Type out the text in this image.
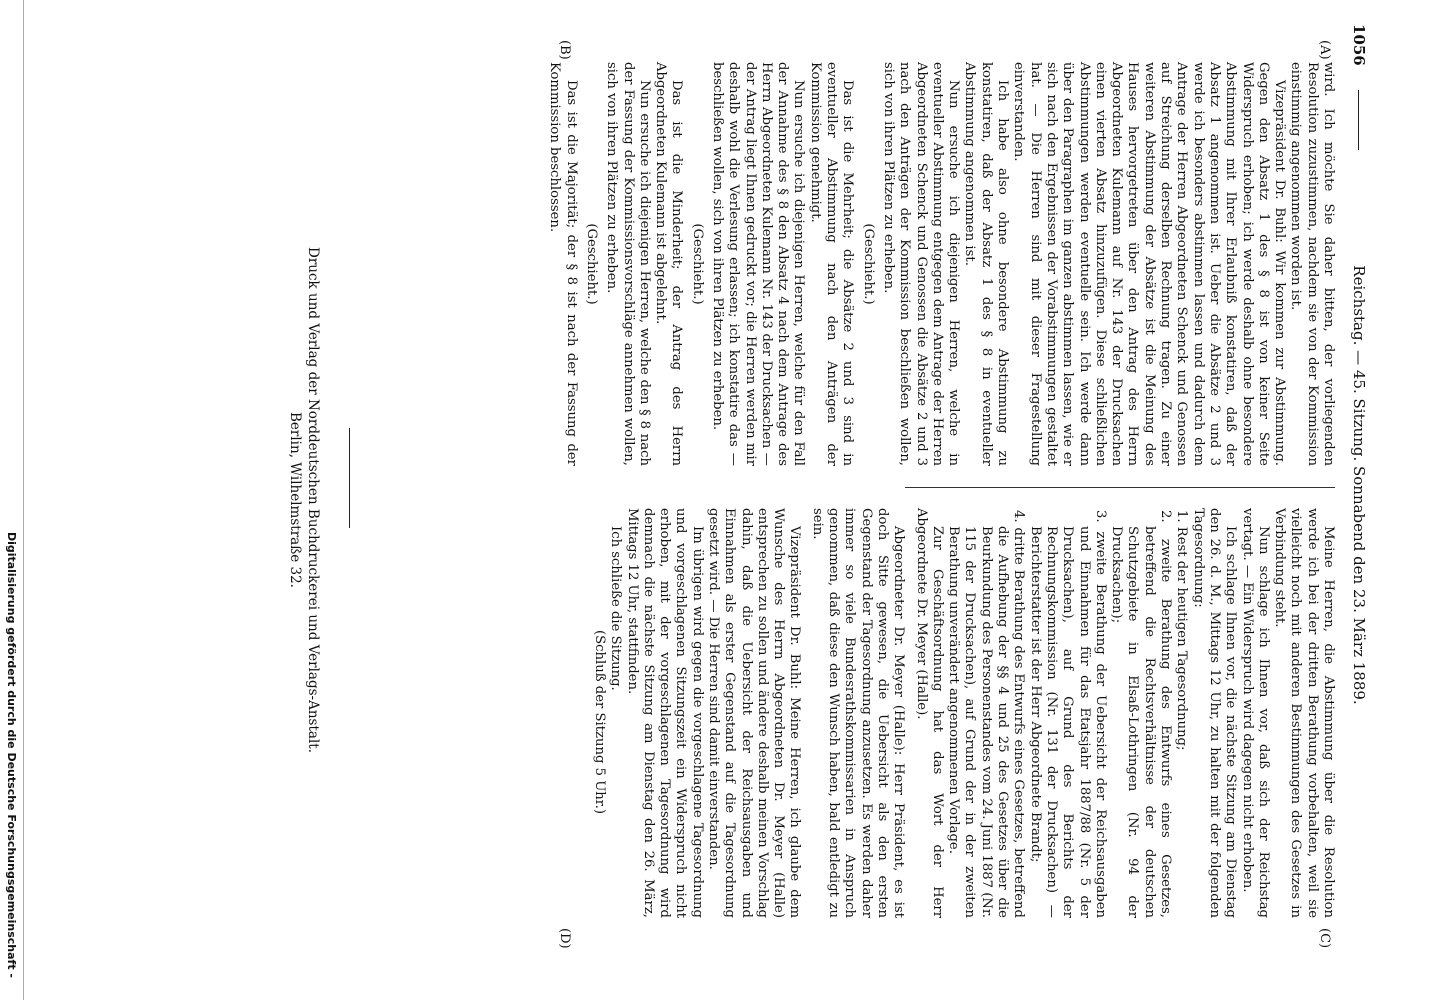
1056
Reichstag. — 45. Sitzung. Sonnabend den 23. März 1889.
(A)
(B)
(C)
(D)

wird. Ich möchte Sie daher bitten, der vorliegenden Resolution zuzustimmen, nachdem sie von der Kommission einstimmig angenommen worden ist.

Vizepräsident Dr. Buhl: Wir kommen zur Abstimmung. Gegen den Absatz 1 des § 8 ist von keiner Seite Widerspruch erhoben; ich werde deshalb ohne besondere Abstimmung mit Ihrer Erlaubniß konstatiren, daß der Absatz 1 angenommen ist. Ueber die Absätze 2 und 3 werde ich besonders abstimmen lassen und dadurch dem Antrage der Herren Abgeordneten Schenck und Genossen auf Streichung derselben Rechnung tragen. Zu einer weiteren Abstimmung der Absätze ist die Meinung des Hauses hervorgetreten über den Antrag des Herrn Abgeordneten Kulemann auf Nr. 143 der Drucksachen einen vierten Absatz hinzuzufügen. Diese schließlichen Abstimmungen werden eventuelle sein. Ich werde dann über den Paragraphen im ganzen abstimmen lassen, wie er sich nach den Ergebnissen der Vorabstimmungen gestaltet hat. — Die Herren sind mit dieser Fragestellung einverstanden.

Ich habe also ohne besondere Abstimmung zu konstatiren, daß der Absatz 1 des § 8 in eventueller Abstimmung angenommen ist.

Nun ersuche ich diejenigen Herren, welche in eventueller Abstimmung entgegen dem Antrage der Herren Abgeordneten Schenck und Genossen die Absätze 2 und 3 nach den Anträgen der Kommission beschließen wollen, sich von ihren Plätzen zu erheben.

(Geschieht.)

Das ist die Mehrheit; die Absätze 2 und 3 sind in eventueller Abstimmung nach den Anträgen der Kommission genehmigt.

Nun ersuche ich diejenigen Herren, welche für den Fall der Annahme des § 8 den Absatz 4 nach dem Antrage des Herrn Abgeordneten Kulemann Nr. 143 der Drucksachen — der Antrag liegt Ihnen gedruckt vor; die Herren werden mir deshalb wohl die Verlesung erlassen; ich konstatire das — beschließen wollen, sich von ihren Plätzen zu erheben.

(Geschieht.)

Das ist die Minderheit; der Antrag des Herrn Abgeordneten Kulemann ist abgelehnt.

Nun ersuche ich diejenigen Herren, welche den § 8 nach der Fassung der Kommissionsvorschläge annehmen wollen, sich von ihren Plätzen zu erheben.

(Geschieht.)

Das ist die Majorität; der § 8 ist nach der Fassung der Kommission beschlossen.

Meine Herren, die Abstimmung über die Resolution werde ich bei der dritten Berathung vorbehalten, weil sie vielleicht noch mit anderen Bestimmungen des Gesetzes in Verbindung steht.

Nun schlage ich Ihnen vor, daß sich der Reichstag vertagt. — Ein Widerspruch wird dagegen nicht erhoben.

Ich schlage Ihnen vor, die nächste Sitzung am Dienstag den 26. d. M., Mittags 12 Uhr, zu halten mit der folgenden Tagesordnung:

1. Rest der heutigen Tagesordnung;

2. zweite Berathung des Entwurfs eines Gesetzes, betreffend die Rechtsverhältnisse der deutschen Schutzgebiete in Elsaß-Lothringen (Nr. 94 der Drucksachen);

3. zweite Berathung der Uebersicht der Reichsausgaben und Einnahmen für das Etatsjahr 1887/88 (Nr. 5 der Drucksachen), auf Grund des Berichts der Rechnungskommission (Nr. 131 der Drucksachen) — Berichterstatter ist der Herr Abgeordnete Brandt;

4. dritte Berathung des Entwurfs eines Gesetzes, betreffend die Aufhebung der §§ 4 und 25 des Gesetzes über die Beurkundung des Personenstandes vom 24. Juni 1887 (Nr. 115 der Drucksachen), auf Grund der in der zweiten Berathung unverändert angenommenen Vorlage.

Zur Geschäftsordnung hat das Wort der Herr Abgeordnete Dr. Meyer (Halle).

Abgeordneter Dr. Meyer (Halle): Herr Präsident, es ist doch Sitte gewesen, die Uebersicht als den ersten Gegenstand der Tagesordnung anzusetzen. Es werden daher immer so viele Bundesrathskommissarien in Anspruch genommen, daß diese den Wunsch haben, bald entledigt zu sein.

Vizepräsident Dr. Buhl: Meine Herren, ich glaube dem Wunsche des Herrn Abgeordneten Dr. Meyer (Halle) entsprechen zu sollen und ändere deshalb meinen Vorschlag dahin, daß die Uebersicht der Reichsausgaben und Einnahmen als erster Gegenstand auf die Tagesordnung gesetzt wird. — Die Herren sind damit einverstanden.

Im übrigen wird gegen die vorgeschlagene Tagesordnung und vorgeschlagenen Sitzungszeit ein Widerspruch nicht erhoben, mit der vorgeschlagenen Tagesordnung wird demnach die nächste Sitzung am Dienstag den 26. März, Mittags 12 Uhr, stattfinden.

Ich schließe die Sitzung.

(Schluß der Sitzung 5 Uhr.)

Druck und Verlag der Norddeutschen Buchdruckerei und Verlags-Anstalt.
Berlin, Wilhelmstraße 32.
Digitalisierung gefördert durch die Deutsche Forschungsgemeinschaft -
